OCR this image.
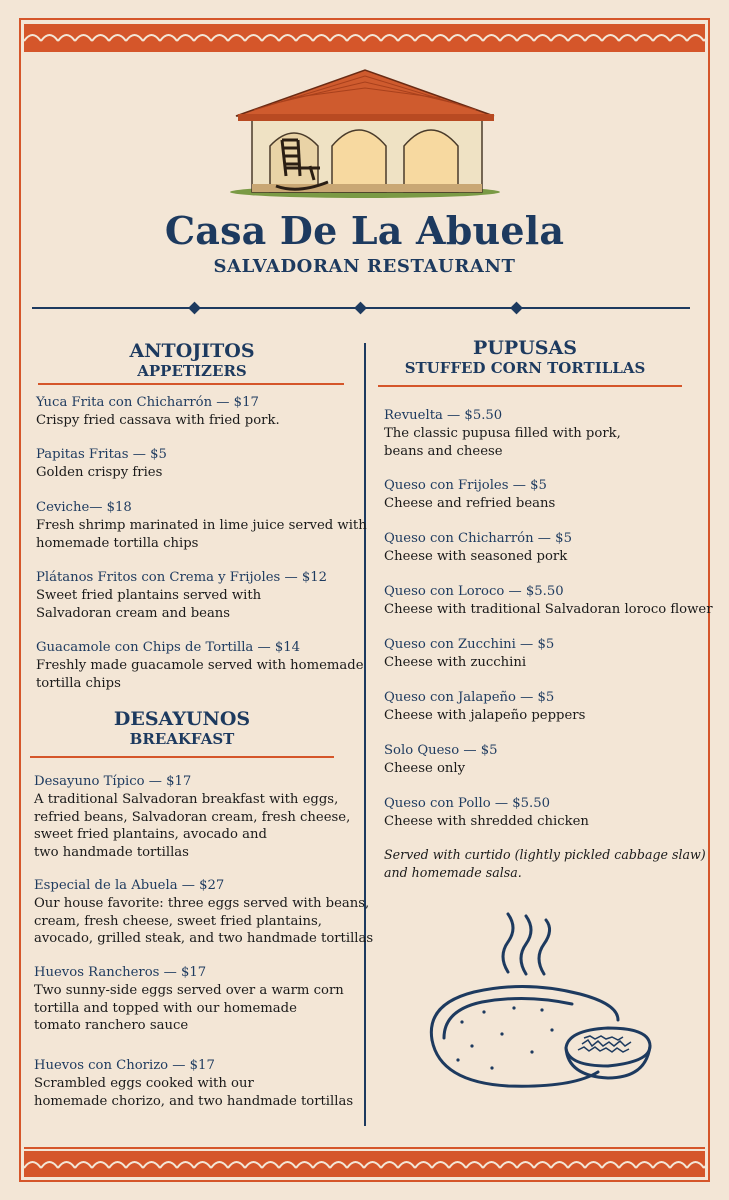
Casa De La Abuela
SALVADORAN RESTAURANT
ANTOJITOS
APPETIZERS
Yuca Frita con Chicharrón — $17
Crispy fried cassava with fried pork.
Papitas Fritas — $5
Golden crispy fries
Ceviche— $18
Fresh shrimp marinated in lime juice served with
homemade tortilla chips
Plátanos Fritos con Crema y Frijoles — $12
Sweet fried plantains served with
Salvadoran cream and beans
Guacamole con Chips de Tortilla — $14
Freshly made guacamole served with homemade
tortilla chips
DESAYUNOS
BREAKFAST
Desayuno Típico — $17
A traditional Salvadoran breakfast with eggs,
refried beans, Salvadoran cream, fresh cheese,
sweet fried plantains, avocado and
two handmade tortillas
Especial de la Abuela — $27
Our house favorite: three eggs served with beans,
cream, fresh cheese, sweet fried plantains,
avocado, grilled steak, and two handmade tortillas
Huevos Rancheros — $17
Two sunny-side eggs served over a warm corn
tortilla and topped with our homemade
tomato ranchero sauce
Huevos con Chorizo — $17
Scrambled eggs cooked with our
homemade chorizo, and two handmade tortillas
PUPUSAS
STUFFED CORN TORTILLAS
Revuelta — $5.50
The classic pupusa filled with pork,
beans and cheese
Queso con Frijoles — $5
Cheese and refried beans
Queso con Chicharrón — $5
Cheese with seasoned pork
Queso con Loroco — $5.50
Cheese with traditional Salvadoran loroco flower
Queso con Zucchini — $5
Cheese with zucchini
Queso con Jalapeño — $5
Cheese with jalapeño peppers
Solo Queso — $5
Cheese only
Queso con Pollo — $5.50
Cheese with shredded chicken
Served with curtido (lightly pickled cabbage slaw)
and homemade salsa.
